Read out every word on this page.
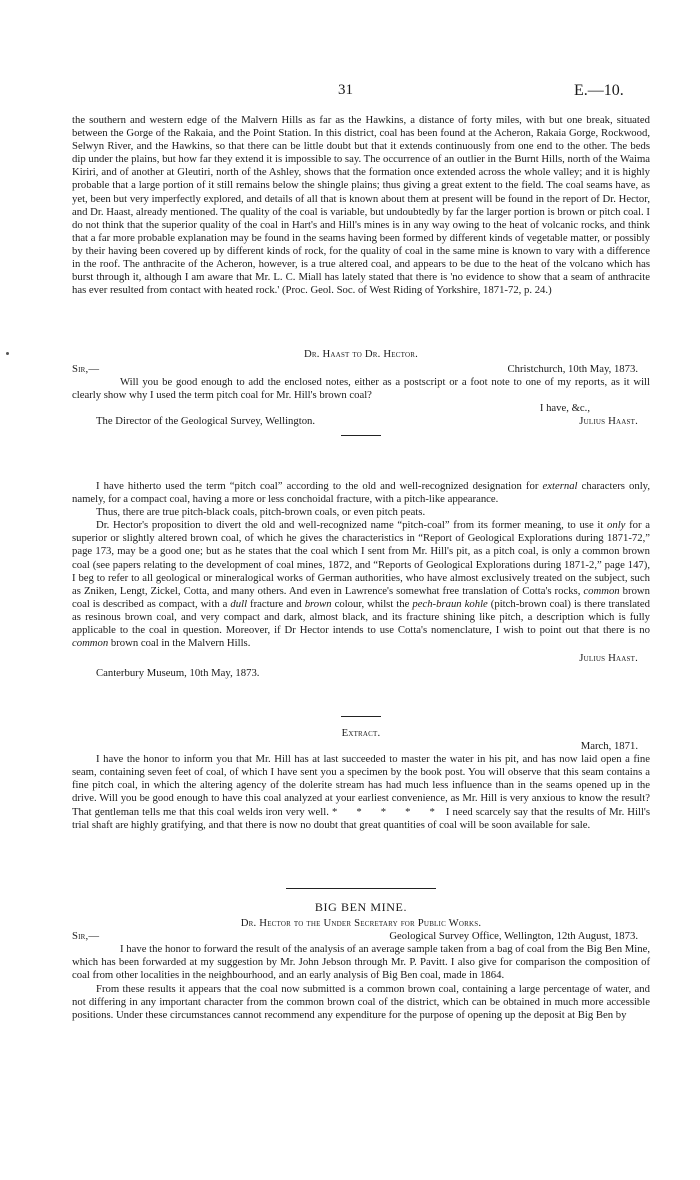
31	E.—10.

the southern and western edge of the Malvern Hills as far as the Hawkins, a distance of forty miles, with but one break, situated between the Gorge of the Rakaia, and the Point Station. In this district, coal has been found at the Acheron, Rakaia Gorge, Rockwood, Selwyn River, and the Hawkins, so that there can be little doubt but that it extends continuously from one end to the other. The beds dip under the plains, but how far they extend it is impossible to say. The occurrence of an outlier in the Burnt Hills, north of the Waima Kiriri, and of another at Gleutiri, north of the Ashley, shows that the formation once extended across the whole valley; and it is highly probable that a large portion of it still remains below the shingle plains; thus giving a great extent to the field. The coal seams have, as yet, been but very imperfectly explored, and details of all that is known about them at present will be found in the report of Dr. Hector, and Dr. Haast, already mentioned. The quality of the coal is variable, but undoubtedly by far the larger portion is brown or pitch coal. I do not think that the superior quality of the coal in Hart's and Hill's mines is in any way owing to the heat of volcanic rocks, and think that a far more probable explanation may be found in the seams having been formed by different kinds of vegetable matter, or possibly by their having been covered up by different kinds of rock, for the quality of coal in the same mine is known to vary with a difference in the roof. The anthracite of the Acheron, however, is a true altered coal, and appears to be due to the heat of the volcano which has burst through it, although I am aware that Mr. L. C. Miall has lately stated that there is 'no evidence to show that a seam of anthracite has ever resulted from contact with heated rock.' (Proc. Geol. Soc. of West Riding of Yorkshire, 1871-72, p. 24.)

Dr. Haast to Dr. Hector.
Sir,—	Christchurch, 10th May, 1873.

Will you be good enough to add the enclosed notes, either as a postscript or a foot note to one of my reports, as it will clearly show why I used the term pitch coal for Mr. Hill's brown coal?

I have, &c.,
The Director of the Geological Survey, Wellington.	Julius Haast.

I have hitherto used the term “pitch coal” according to the old and well-recognized designation for external characters only, namely, for a compact coal, having a more or less conchoidal fracture, with a pitch-like appearance.

Thus, there are true pitch-black coals, pitch-brown coals, or even pitch peats.

Dr. Hector's proposition to divert the old and well-recognized name “pitch-coal” from its former meaning, to use it only for a superior or slightly altered brown coal, of which he gives the characteristics in “Report of Geological Explorations during 1871-72,” page 173, may be a good one; but as he states that the coal which I sent from Mr. Hill's pit, as a pitch coal, is only a common brown coal (see papers relating to the development of coal mines, 1872, and “Reports of Geological Explorations during 1871-2,” page 147), I beg to refer to all geological or mineralogical works of German authorities, who have almost exclusively treated on the subject, such as Zniken, Lengt, Zickel, Cotta, and many others. And even in Lawrence's somewhat free translation of Cotta's rocks, common brown coal is described as compact, with a dull fracture and brown colour, whilst the pech-braun kohle (pitch-brown coal) is there translated as resinous brown coal, and very compact and dark, almost black, and its fracture shining like pitch, a description which is fully applicable to the coal in question. Moreover, if Dr Hector intends to use Cotta's nomenclature, I wish to point out that there is no common brown coal in the Malvern Hills.

Julius Haast.
Canterbury Museum, 10th May, 1873.
Extract.
March, 1871.

I have the honor to inform you that Mr. Hill has at last succeeded to master the water in his pit, and has now laid open a fine seam, containing seven feet of coal, of which I have sent you a specimen by the book post. You will observe that this seam contains a fine pitch coal, in which the altering agency of the dolerite stream has had much less influence than in the seams opened up in the drive. Will you be good enough to have this coal analyzed at your earliest convenience, as Mr. Hill is very anxious to know the result? That gentleman tells me that this coal welds iron very well. * * * * * I need scarcely say that the results of Mr. Hill's trial shaft are highly gratifying, and that there is now no doubt that great quantities of coal will be soon available for sale.

BIG BEN MINE.
Dr. Hector to the Under Secretary for Public Works.
Sir,—	Geological Survey Office, Wellington, 12th August, 1873.

I have the honor to forward the result of the analysis of an average sample taken from a bag of coal from the Big Ben Mine, which has been forwarded at my suggestion by Mr. John Jebson through Mr. P. Pavitt. I also give for comparison the composition of coal from other localities in the neighbourhood, and an early analysis of Big Ben coal, made in 1864.

From these results it appears that the coal now submitted is a common brown coal, containing a large percentage of water, and not differing in any important character from the common brown coal of the district, which can be obtained in much more accessible positions. Under these circumstances cannot recommend any expenditure for the purpose of opening up the deposit at Big Ben by
